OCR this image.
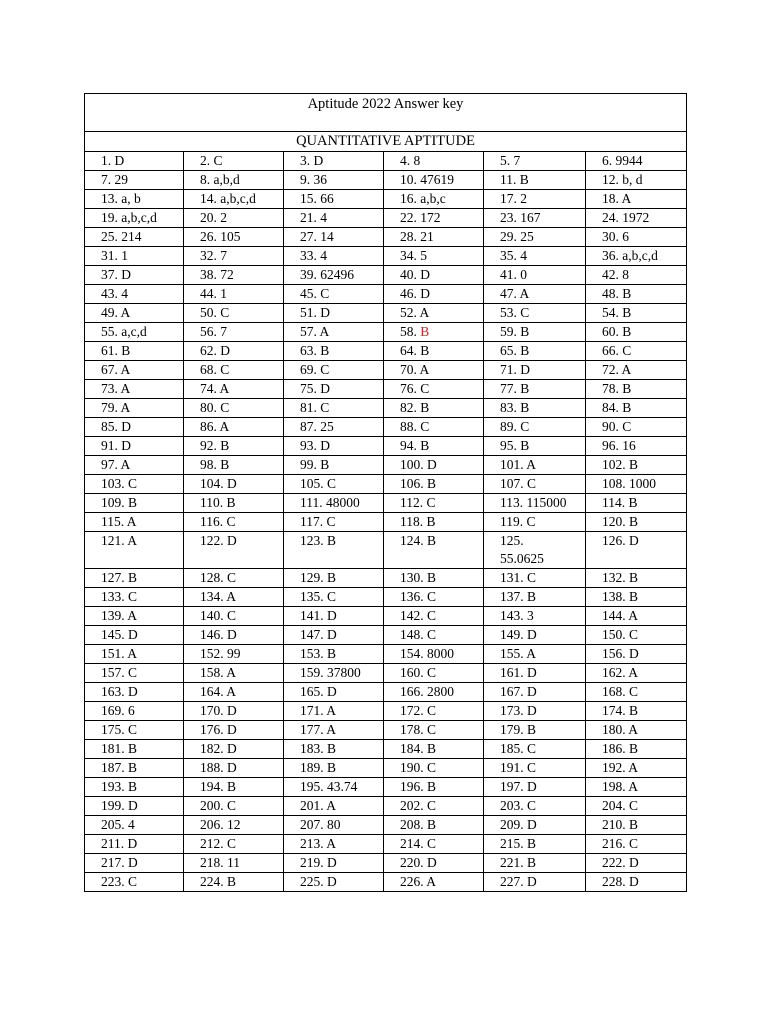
Aptitude 2022 Answer key					
QUANTITATIVE APTITUDE					
1. D	2. C	3. D	4. 8	5. 7	6. 9944
7. 29	8. a,b,d	9. 36	10. 47619	11. B	12. b, d
13. a, b	14. a,b,c,d	15. 66	16. a,b,c	17. 2	18. A
19. a,b,c,d	20. 2	21. 4	22. 172	23. 167	24. 1972
25. 214	26. 105	27. 14	28. 21	29. 25	30. 6
31. 1	32. 7	33. 4	34. 5	35. 4	36. a,b,c,d
37. D	38. 72	39. 62496	40. D	41. 0	42. 8
43. 4	44. 1	45. C	46. D	47. A	48. B
49. A	50. C	51. D	52. A	53. C	54. B
55. a,c,d	56. 7	57. A	58. B	59. B	60. B
61. B	62. D	63. B	64. B	65. B	66. C
67. A	68. C	69. C	70. A	71. D	72. A
73. A	74. A	75. D	76. C	77. B	78. B
79. A	80. C	81. C	82. B	83. B	84. B
85. D	86. A	87. 25	88. C	89. C	90. C
91. D	92. B	93. D	94. B	95. B	96. 16
97. A	98. B	99. B	100. D	101. A	102. B
103. C	104. D	105. C	106. B	107. C	108. 1000
109. B	110. B	111. 48000	112. C	113. 115000	114. B
115. A	116. C	117. C	118. B	119. C	120. B
121. A	122. D	123. B	124. B	125. 55.0625	126. D
127. B	128. C	129. B	130. B	131. C	132. B
133. C	134. A	135. C	136. C	137. B	138. B
139. A	140. C	141. D	142. C	143. 3	144. A
145. D	146. D	147. D	148. C	149. D	150. C
151. A	152. 99	153. B	154. 8000	155. A	156. D
157. C	158. A	159. 37800	160. C	161. D	162. A
163. D	164. A	165. D	166. 2800	167. D	168. C
169. 6	170. D	171. A	172. C	173. D	174. B
175. C	176. D	177. A	178. C	179. B	180. A
181. B	182. D	183. B	184. B	185. C	186. B
187. B	188. D	189. B	190. C	191. C	192. A
193. B	194. B	195. 43.74	196. B	197. D	198. A
199. D	200. C	201. A	202. C	203. C	204. C
205. 4	206. 12	207. 80	208. B	209. D	210. B
211. D	212. C	213. A	214. C	215. B	216. C
217. D	218. 11	219. D	220. D	221. B	222. D
223. C	224. B	225. D	226. A	227. D	228. D
